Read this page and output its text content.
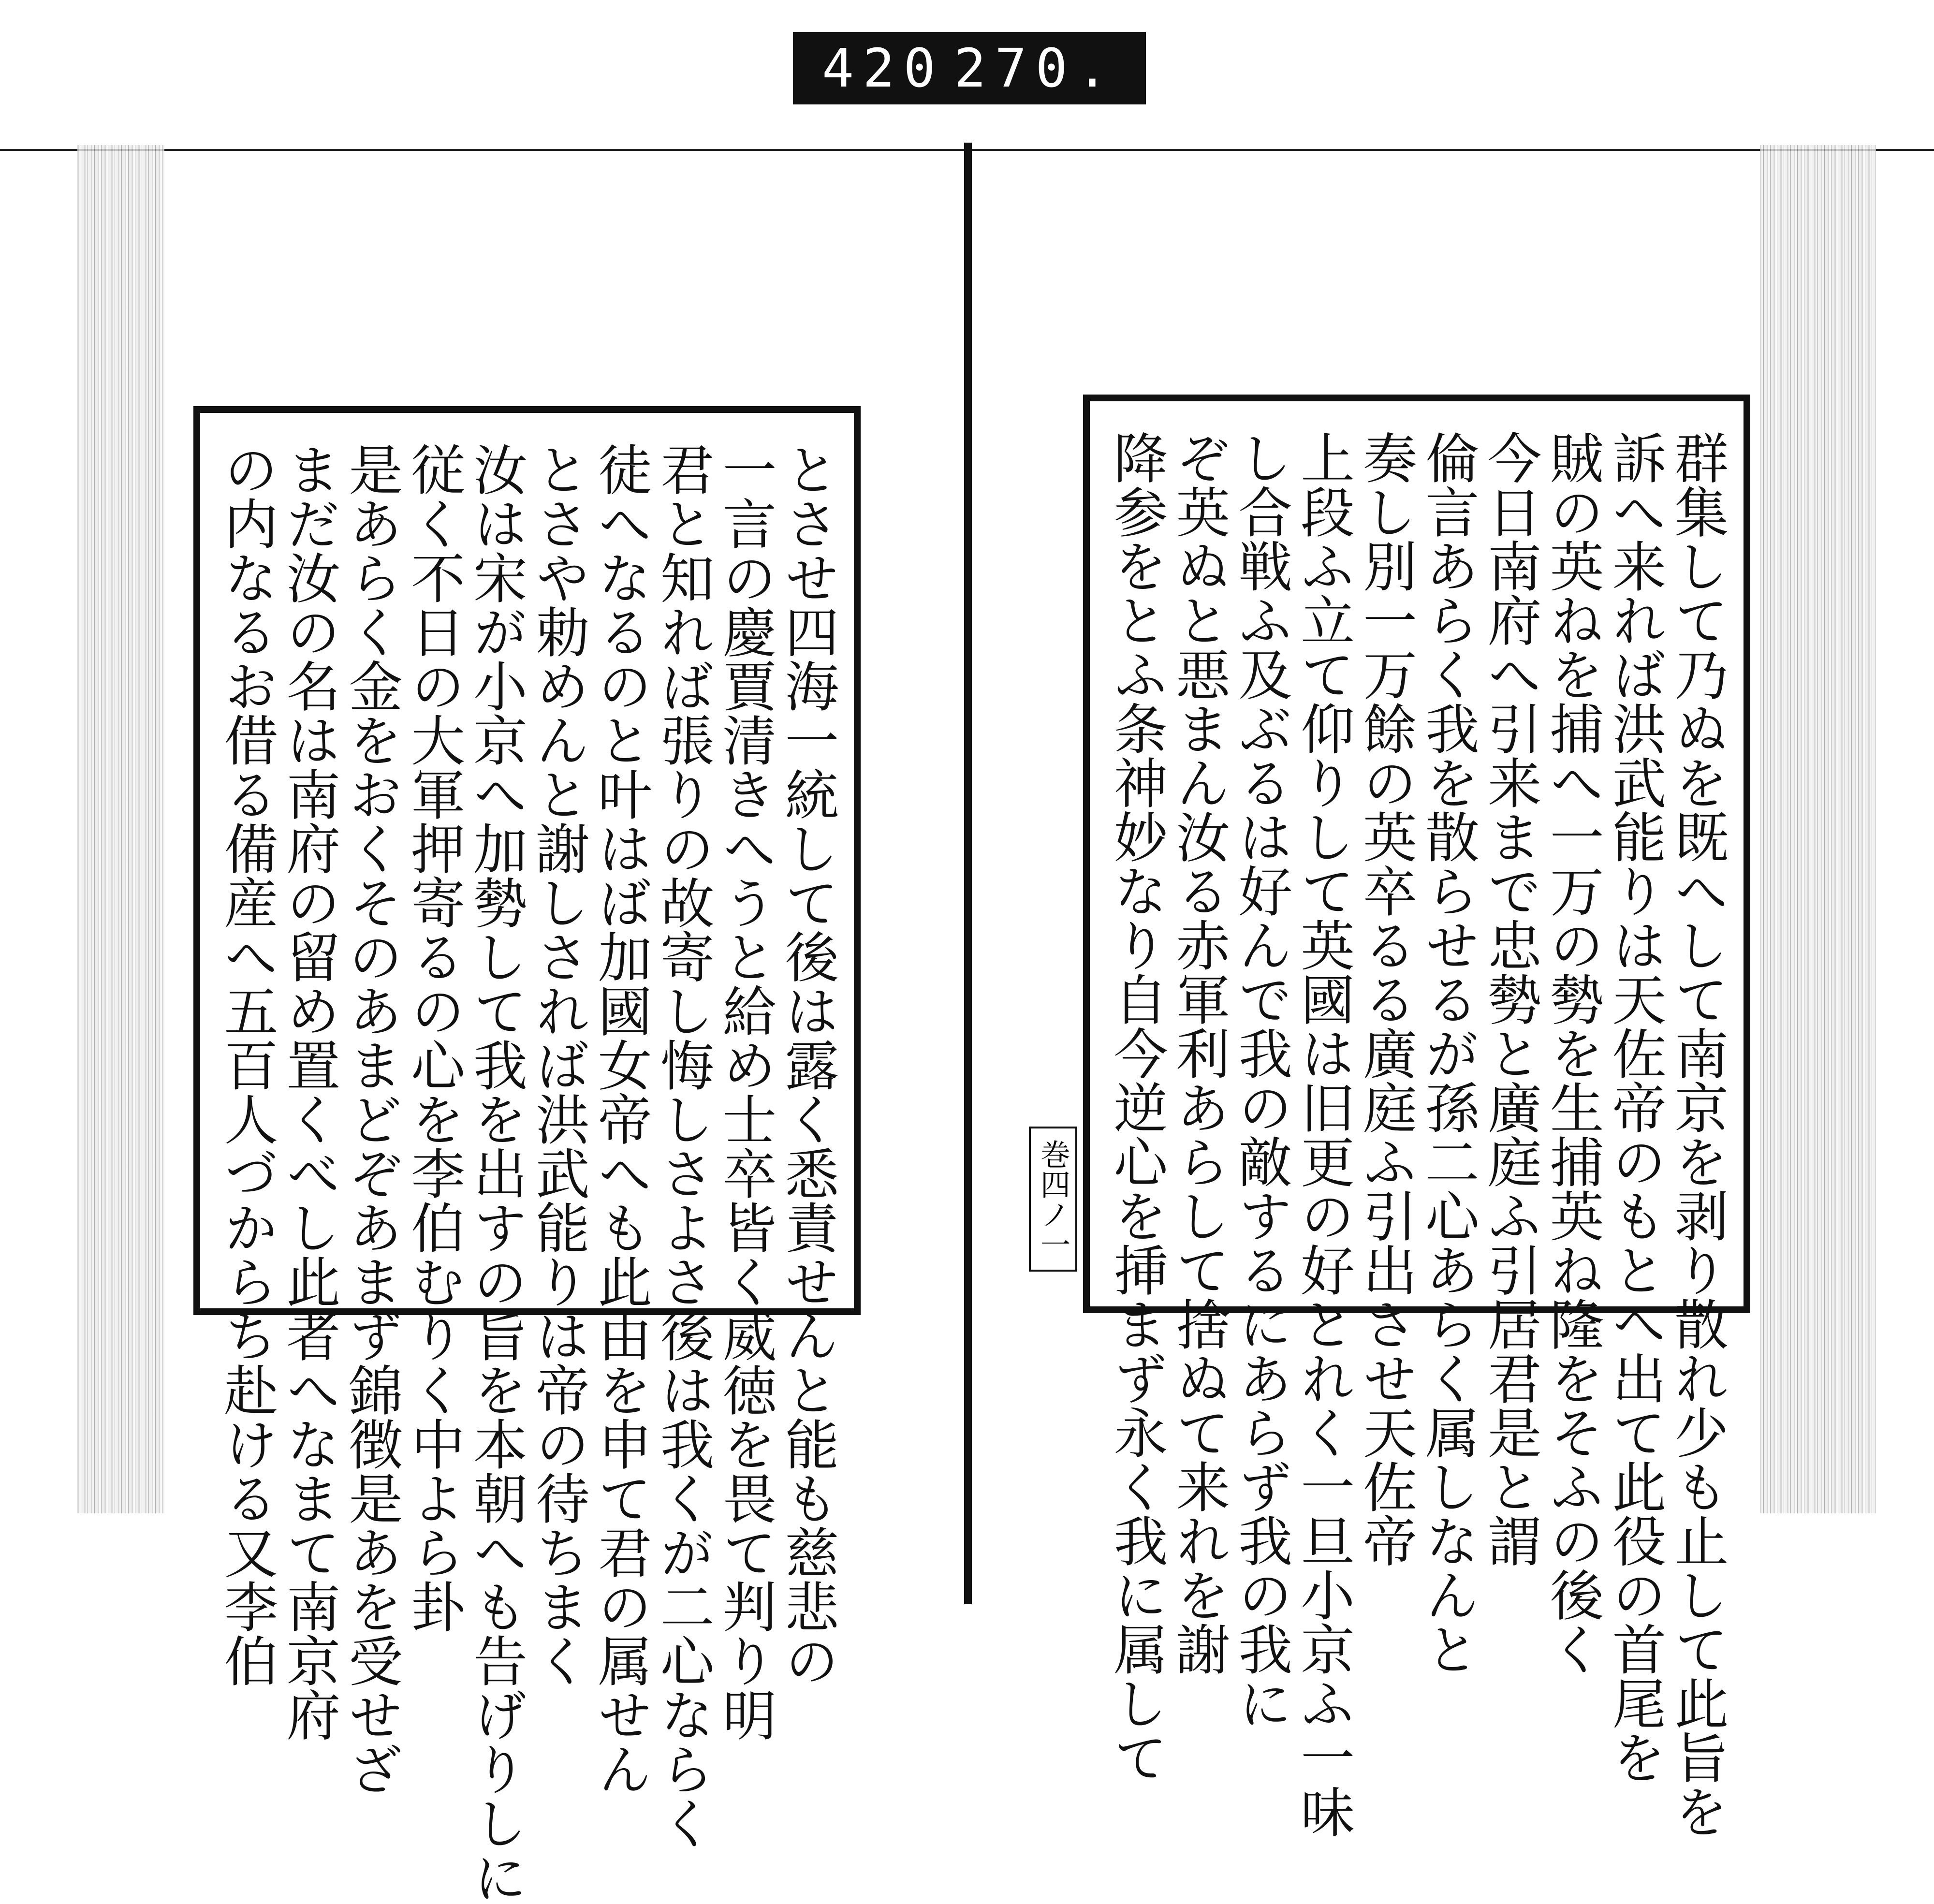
420 270.
とさせ四海一統して後は露く悉責せんと能も慈悲の
一言の慶賈清きへうと給め士卒皆く威徳を畏て判り明
君と知れば張りの故寄し悔しさよさ後は我くが二心ならく
徒へなるのと叶はば加國女帝へも此由を申て君の属せん
とさや勅めんと謝しされば洪武能りは帝の待ちまく
汝は宋が小京へ加勢して我を出すの旨を本朝へも告げりしに
従く不日の大軍押寄るの心を李伯むりく中よら卦
是あらく金をおくそのあまどぞあまず錦徴是あを受せざ
まだ汝の名は南府の留め置くべし此者へなまて南京府
の内なるお借る備産へ五百人づからち赴ける又李伯	巻四ノ一	群集して乃ぬを既へして南京を剥り散れ少も止して此旨を
訴へ来れば洪武能りは天佐帝のもとへ出て此役の首尾を
賊の英ねを捕へ一万の勢を生捕英ね隆をそふの後く
今日南府へ引来まで忠勢と廣庭ふ引居君是と謂
倫言あらく我を散らせるが孫二心あらく属しなんと
奏し別一万餘の英卒るる廣庭ふ引出させ天佐帝
上段ふ立て仰りして英國は旧更の好とれく一旦小京ふ一味
し合戦ふ及ぶるは好んで我の敵するにあらず我の我に
ぞ英ぬと悪まん汝る赤軍利あらして捨ぬて来れを謝
降参をとふ条神妙なり自今逆心を挿まず永く我に属して
